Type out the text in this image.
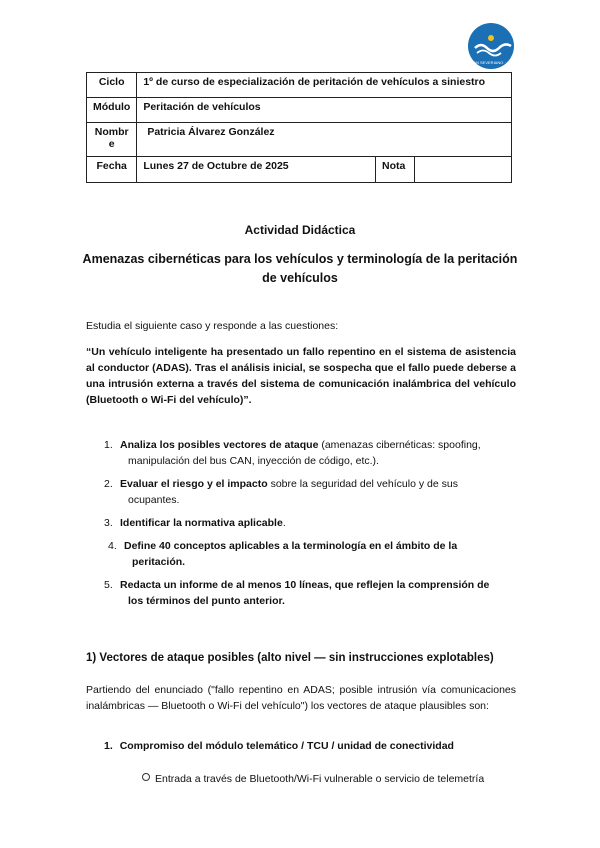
IES SAN SEVERIANO · CÁDIZ
Ciclo	1º de curso de especialización de peritación de vehículos a siniestro		
Módulo	Peritación de vehículos		
Nombre	Patricia Álvarez González		
Fecha	Lunes 27 de Octubre de 2025	Nota	
Actividad Didáctica
Amenazas cibernéticas para los vehículos y terminología de la peritación de vehículos
Estudia el siguiente caso y responde a las cuestiones:
“Un vehículo inteligente ha presentado un fallo repentino en el sistema de asistencia al conductor (ADAS). Tras el análisis inicial, se sospecha que el fallo puede deberse a una intrusión externa a través del sistema de comunicación inalámbrica del vehículo (Bluetooth o Wi-Fi del vehículo)”.
1. Analiza los posibles vectores de ataque (amenazas cibernéticas: spoofing, manipulación del bus CAN, inyección de código, etc.).
2. Evaluar el riesgo y el impacto sobre la seguridad del vehículo y de sus ocupantes.
3. Identificar la normativa aplicable.
4. Define 40 conceptos aplicables a la terminología en el ámbito de la peritación.
5. Redacta un informe de al menos 10 líneas, que reflejen la comprensión de los términos del punto anterior.
1) Vectores de ataque posibles (alto nivel — sin instrucciones explotables)
Partiendo del enunciado ("fallo repentino en ADAS; posible intrusión vía comunicaciones inalámbricas — Bluetooth o Wi-Fi del vehículo") los vectores de ataque plausibles son:
1. Compromiso del módulo telemático / TCU / unidad de conectividad
Entrada a través de Bluetooth/Wi-Fi vulnerable o servicio de telemetría
